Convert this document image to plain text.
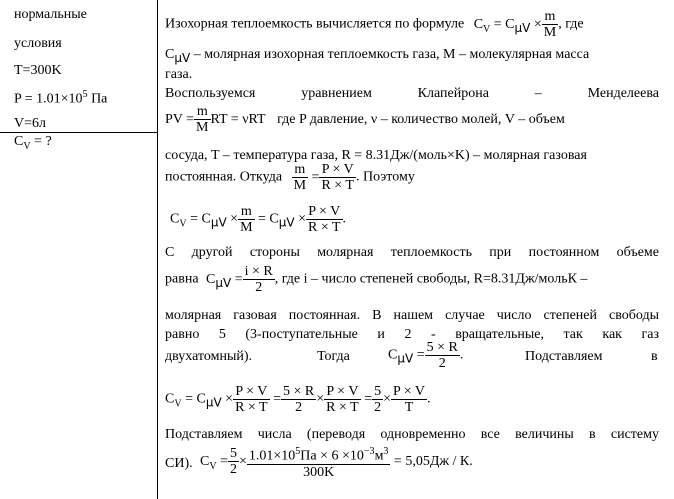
нормальные
условия
T=300K
$P = 1.01\times 10^5$ Па
V=6л
$C_V$ = ?
Изохорная теплоемкость вычисляется по формуле $C_V = C_{\mu V} \times \frac{m}{M}$ , где
$C_{\mu V}$ – молярная изохорная теплоемкость газа, M – молекулярная масса
газа.
Воспользуемся уравнением Клапейрона – Менделеева
PV = $\frac{m}{M}$ RT = νRT где P давление, ν – количество молей, V – объем
сосуда, T – температура газа, R = 8.31Дж/(моль×K) – молярная газовая
постоянная. Откуда $\frac{m}{M} = \frac{P \times V}{R \times T}$ . Поэтому
$C_V = C_{\mu V} \times \frac{m}{M} = C_{\mu V} \times \frac{P \times V}{R \times T}$ .
С другой стороны молярная теплоемкость при постоянном объеме
равна $C_{\mu V} = \frac{i \times R}{2}$ , где i – число степеней свободы, R=8.31Дж/мольК –
молярная газовая постоянная. В нашем случае число степеней свободы
равно 5 (3-поступательные и 2 - вращательные, так как газ
двухатомный).	Тогда	$C_{\mu V} = \frac{5 \times R}{2}$ .	Подставляем	в
$C_V = C_{\mu V} \times \frac{P \times V}{R \times T} = \frac{5 \times R}{2} \times \frac{P \times V}{R \times T} = \frac{5}{2} \times \frac{P \times V}{T}$ .
Подставляем числа (переводя одновременно все величины в систему
СИ). $C_V = \frac{5}{2} \times \frac{1.01\times 10^5Па \times 6 \times 10^{-3}м^3}{300K} = 5,05Дж / К$.
